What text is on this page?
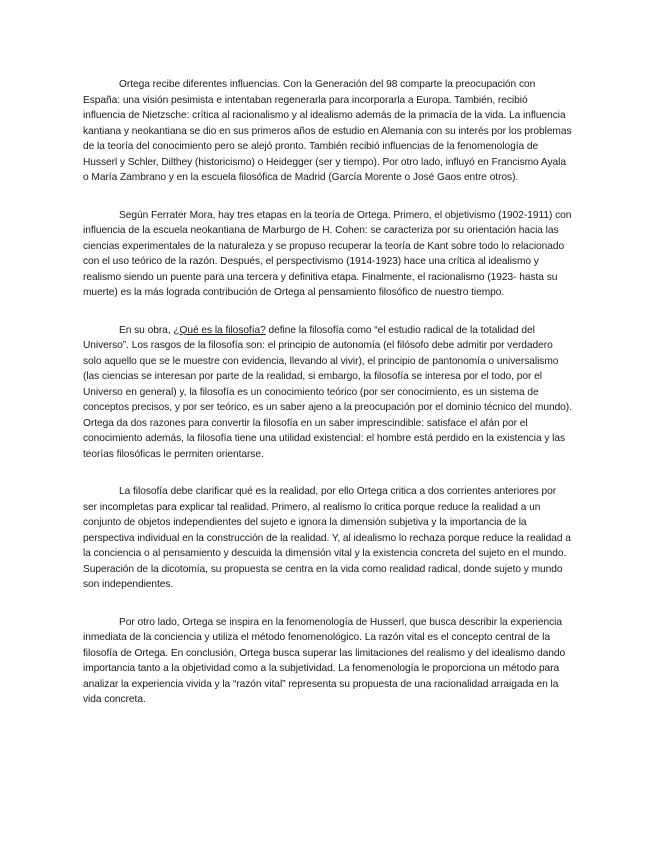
Ortega recibe diferentes influencias. Con la Generación del 98 comparte la preocupación con España: una visión pesimista e intentaban regenerarla para incorporarla a Europa. También, recibió influencia de Nietzsche: crítica al racionalismo y al idealismo además de la primacía de la vida. La influencia kantiana y neokantiana se dio en sus primeros años de estudio en Alemania con su interés por los problemas de la teoría del conocimiento pero se alejó pronto. También recibió influencias de la fenomenología de Husserl y Schler, Dilthey (historicismo) o Heidegger (ser y tiempo). Por otro lado, influyó en Francismo Ayala o María Zambrano y en la escuela filosófica de Madrid (García Morente o José Gaos entre otros).

Según Ferrater Mora, hay tres etapas en la teoría de Ortega. Primero, el objetivismo (1902-1911) con influencia de la escuela neokantiana de Marburgo de H. Cohen: se caracteriza por su orientación hacia las ciencias experimentales de la naturaleza y se propuso recuperar la teoría de Kant sobre todo lo relacionado con el uso teórico de la razón. Después, el perspectivismo (1914-1923) hace una crítica al idealismo y realismo siendo un puente para una tercera y definitiva etapa. Finalmente, el racionalismo (1923- hasta su muerte) es la más lograda contribución de Ortega al pensamiento filosófico de nuestro tiempo.

En su obra, ¿Qué es la filosofía? define la filosofía como “el estudio radical de la totalidad del Universo”. Los rasgos de la filosofía son: el principio de autonomía (el filósofo debe admitir por verdadero solo aquello que se le muestre con evidencia, llevando al vivir), el principio de pantonomía o universalismo (las ciencias se interesan por parte de la realidad, si embargo, la filosofía se interesa por el todo, por el Universo en general) y, la filosofía es un conocimiento teórico (por ser conocimiento, es un sistema de conceptos precisos, y por ser teórico, es un saber ajeno a la preocupación por el dominio técnico del mundo). Ortega da dos razones para convertir la filosofía en un saber imprescindible: satisface el afán por el conocimiento además, la filosofía tiene una utilidad existencial: el hombre está perdido en la existencia y las teorías filosóficas le permiten orientarse.

La filosofía debe clarificar qué es la realidad, por ello Ortega critica a dos corrientes anteriores por ser incompletas para explicar tal realidad. Primero, al realismo lo critica porque reduce la realidad a un conjunto de objetos independientes del sujeto e ignora la dimensión subjetiva y la importancia de la perspectiva individual en la construcción de la realidad. Y, al idealismo lo rechaza porque reduce la realidad a la conciencia o al pensamiento y descuida la dimensión vital y la existencia concreta del sujeto en el mundo. Superación de la dicotomía, su propuesta se centra en la vida como realidad radical, donde sujeto y mundo son independientes.

Por otro lado, Ortega se inspira en la fenomenología de Husserl, que busca describir la experiencia inmediata de la conciencia y utiliza el método fenomenológico. La razón vital es el concepto central de la filosofía de Ortega. En conclusión, Ortega busca superar las limitaciones del realismo y del idealismo dando importancia tanto a la objetividad como a la subjetividad. La fenomenología le proporciona un método para analizar la experiencia vivida y la “razón vital” representa su propuesta de una racionalidad arraigada en la vida concreta.
